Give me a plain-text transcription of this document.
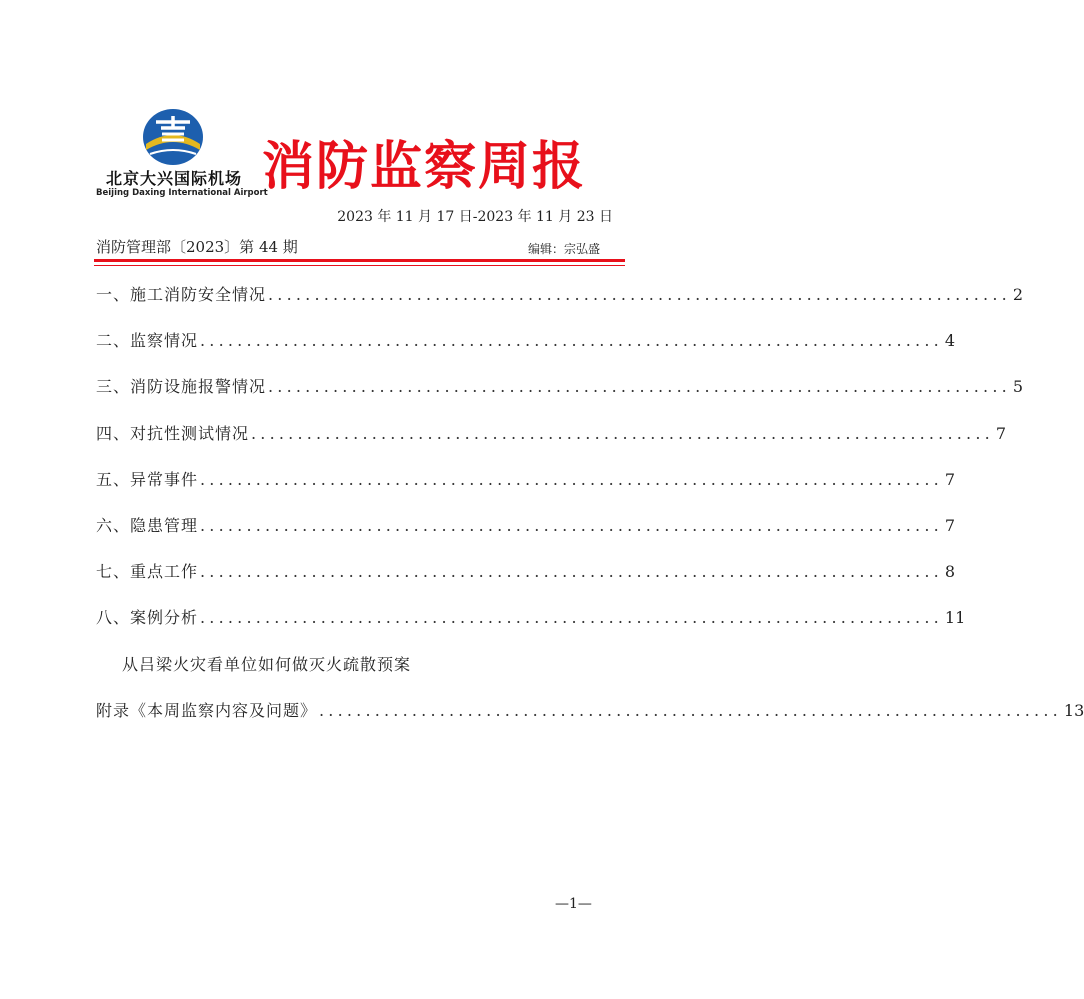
北京大兴国际机场
Beijing Daxing International Airport
消防监察周报
2023 年 11 月 17 日-2023 年 11 月 23 日
消防管理部〔2023〕第 44 期	编辑：宗弘盛
一、施工消防安全情况 ................................................................................ 2
二、监察情况 ................................................................................ 4
三、消防设施报警情况 ................................................................................ 5
四、对抗性测试情况 ................................................................................ 7
五、异常事件 ................................................................................ 7
六、隐患管理 ................................................................................ 7
七、重点工作 ................................................................................ 8
八、案例分析 ................................................................................ 11
从吕梁火灾看单位如何做灭火疏散预案
附录《本周监察内容及问题》 ................................................................................ 13
—1—
